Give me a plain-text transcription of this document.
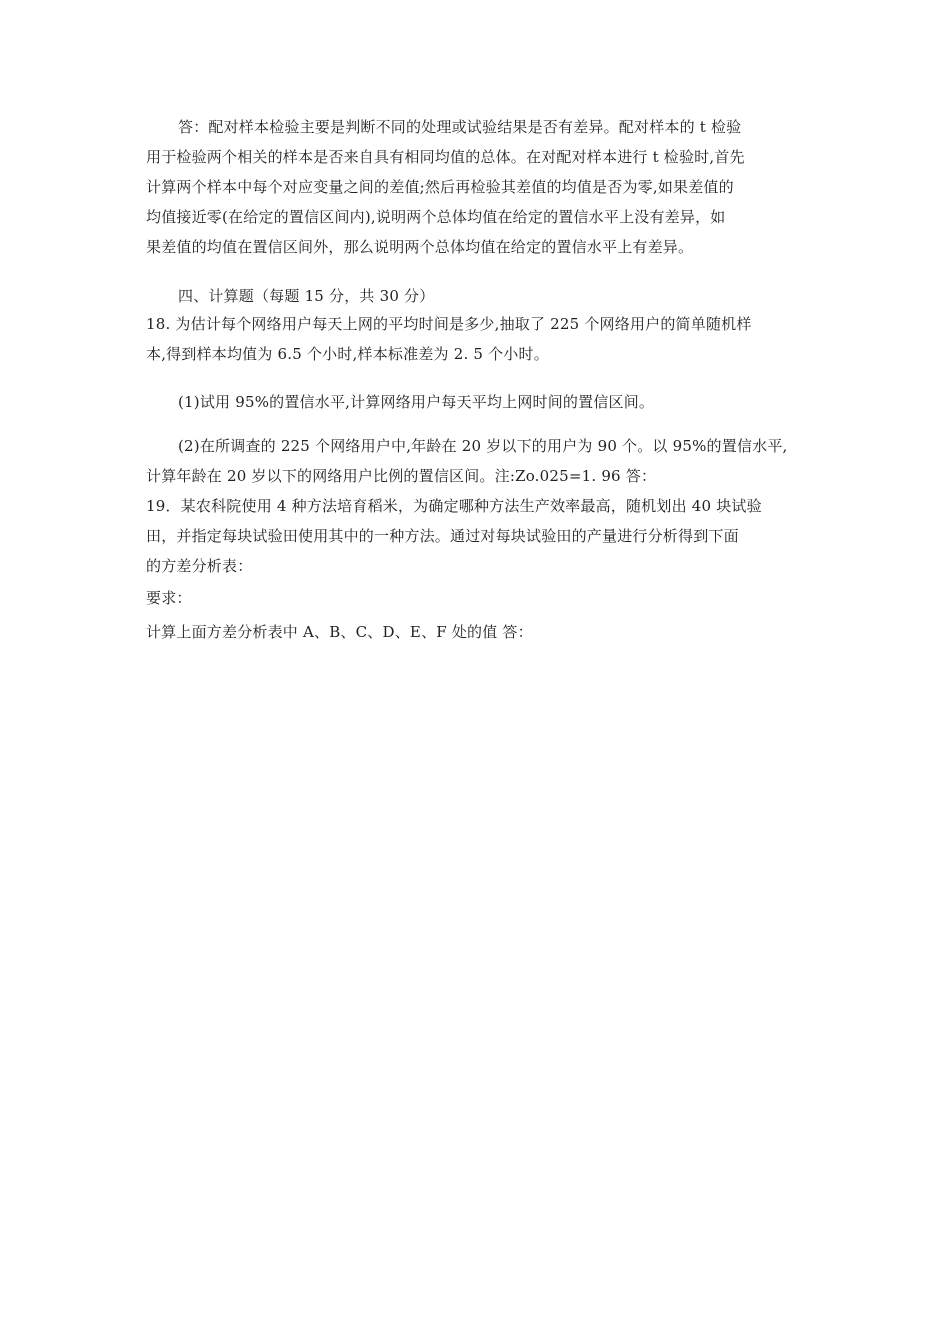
答：配对样本检验主要是判断不同的处理或试验结果是否有差异。配对样本的 t 检验
用于检验两个相关的样本是否来自具有相同均值的总体。在对配对样本进行 t 检验时,首先
计算两个样本中每个对应变量之间的差值;然后再检验其差值的均值是否为零,如果差值的
均值接近零(在给定的置信区间内),说明两个总体均值在给定的置信水平上没有差异，如
果差值的均值在置信区间外，那么说明两个总体均值在给定的置信水平上有差异。
四、计算题（每题 15 分，共 30 分）
18. 为估计每个网络用户每天上网的平均时间是多少,抽取了 225 个网络用户的简单随机样
本,得到样本均值为 6.5 个小时,样本标准差为 2. 5 个小时。
(1)试用 95%的置信水平,计算网络用户每天平均上网时间的置信区间。
(2)在所调查的 225 个网络用户中,年龄在 20 岁以下的用户为 90 个。以 95%的置信水平,
计算年龄在 20 岁以下的网络用户比例的置信区间。注:Zo.025=1. 96 答：
19．某农科院使用 4 种方法培育稻米，为确定哪种方法生产效率最高，随机划出 40 块试验
田，并指定每块试验田使用其中的一种方法。通过对每块试验田的产量进行分析得到下面
的方差分析表：
要求：
计算上面方差分析表中 A、B、C、D、E、F 处的值 答：
